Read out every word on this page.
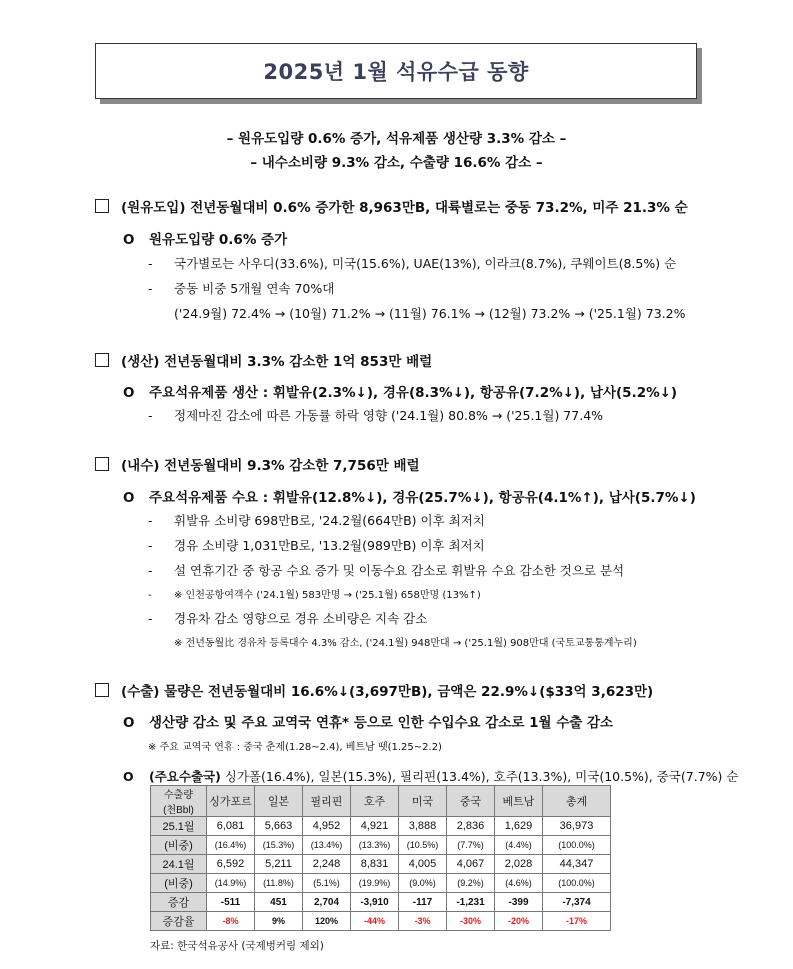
2025년 1월 석유수급 동향
– 원유도입량 0.6% 증가, 석유제품 생산량 3.3% 감소 –
– 내수소비량 9.3% 감소, 수출량 16.6% 감소 –
(원유도입) 전년동월대비 0.6% 증가한 8,963만B, 대륙별로는 중동 73.2%, 미주 21.3% 순
O 원유도입량 0.6% 증가
- 국가별로는 사우디(33.6%), 미국(15.6%), UAE(13%), 이라크(8.7%), 쿠웨이트(8.5%) 순
- 중동 비중 5개월 연속 70%대
('24.9월) 72.4% → (10월) 71.2% → (11월) 76.1% → (12월) 73.2% → ('25.1월) 73.2%
(생산) 전년동월대비 3.3% 감소한 1억 853만 배럴
O 주요석유제품 생산 : 휘발유(2.3%↓), 경유(8.3%↓), 항공유(7.2%↓), 납사(5.2%↓)
- 정제마진 감소에 따른 가동률 하락 영향 ('24.1월) 80.8% → ('25.1월) 77.4%
(내수) 전년동월대비 9.3% 감소한 7,756만 배럴
O 주요석유제품 수요 : 휘발유(12.8%↓), 경유(25.7%↓), 항공유(4.1%↑), 납사(5.7%↓)
- 휘발유 소비량 698만B로, '24.2월(664만B) 이후 최저치
- 경유 소비량 1,031만B로, '13.2월(989만B) 이후 최저치
- 설 연휴기간 중 항공 수요 증가 및 이동수요 감소로 휘발유 수요 감소한 것으로 분석
- ※ 인천공항여객수 ('24.1월) 583만명 → ('25.1월) 658만명 (13%↑)
- 경유차 감소 영향으로 경유 소비량은 지속 감소
※ 전년동월比 경유차 등록대수 4.3% 감소, ('24.1월) 948만대 → ('25.1월) 908만대 (국토교통통계누리)
(수출) 물량은 전년동월대비 16.6%↓(3,697만B), 금액은 22.9%↓($33억 3,623만)
O 생산량 감소 및 주요 교역국 연휴* 등으로 인한 수입수요 감소로 1월 수출 감소
※ 주요 교역국 연휴 : 중국 춘제(1.28~2.4), 베트남 뗏(1.25~2.2)
O (주요수출국) 싱가폴(16.4%), 일본(15.3%), 필리핀(13.4%), 호주(13.3%), 미국(10.5%), 중국(7.7%) 순
수출량
(천Bbl)	싱가포르	일본	필리핀	호주	미국	중국	베트남	총계

25.1월	6,081	5,663	4,952	4,921	3,888	2,836	1,629	36,973
(비중)	(16.4%)	(15.3%)	(13.4%)	(13.3%)	(10.5%)	(7.7%)	(4.4%)	(100.0%)
24.1월	6,592	5,211	2,248	8,831	4,005	4,067	2,028	44,347
(비중)	(14.9%)	(11.8%)	(5.1%)	(19.9%)	(9.0%)	(9.2%)	(4.6%)	(100.0%)
증감	-511	451	2,704	-3,910	-117	-1,231	-399	-7,374
증감율	-8%	9%	120%	-44%	-3%	-30%	-20%	-17%
자료: 한국석유공사 (국제벙커링 제외)
